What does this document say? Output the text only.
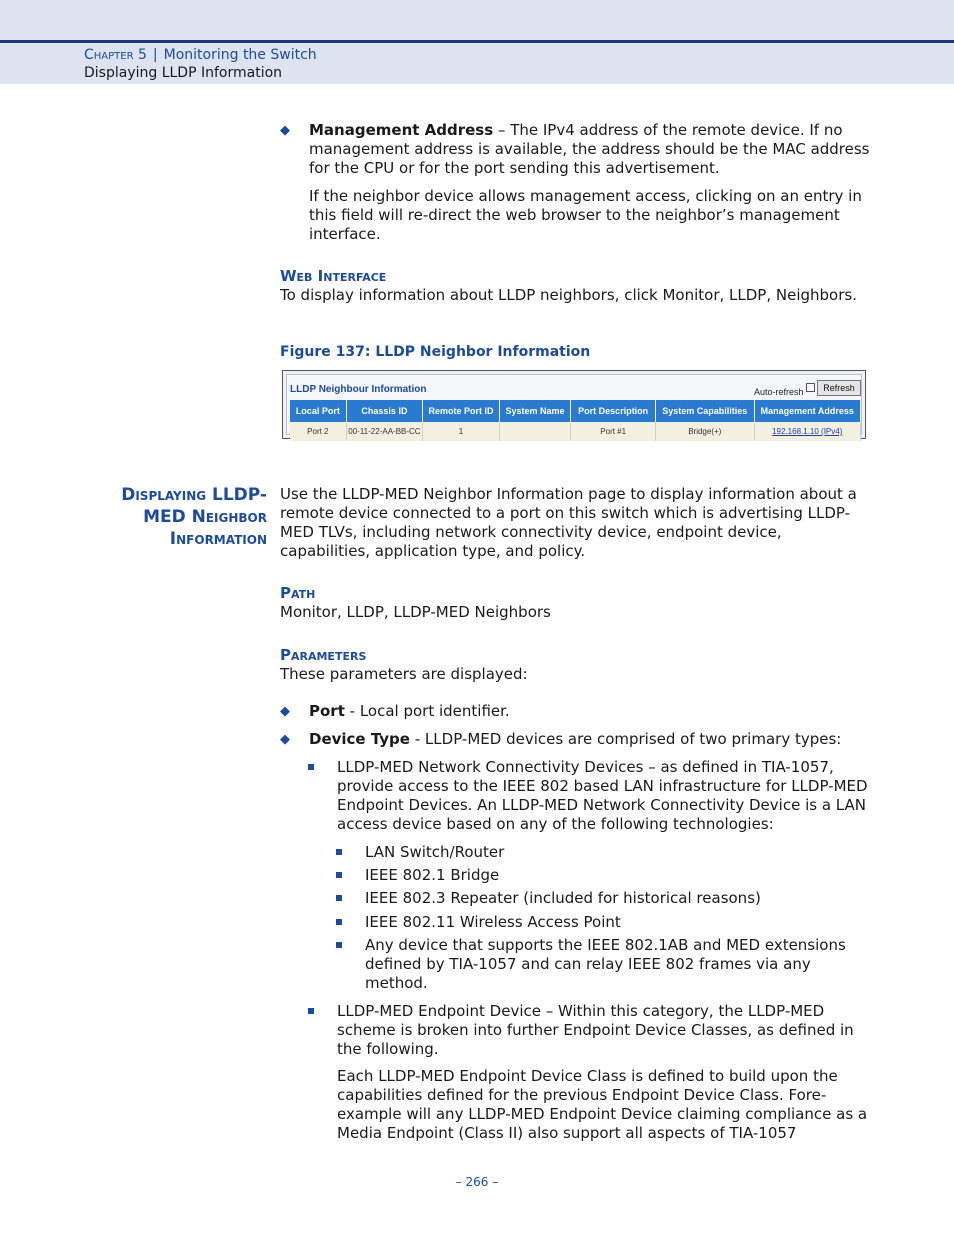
Chapter 5 | Monitoring the Switch
Displaying LLDP Information
◆ Management Address – The IPv4 address of the remote device. If no management address is available, the address should be the MAC address for the CPU or for the port sending this advertisement.
If the neighbor device allows management access, clicking on an entry in this field will re-direct the web browser to the neighbor’s management interface.
Web Interface
To display information about LLDP neighbors, click Monitor, LLDP, Neighbors.
Figure 137: LLDP Neighbor Information
LLDP Neighbour Information	Auto-refresh	Refresh
Local Port	Chassis ID	Remote Port ID	System Name	Port Description	System Capabilities	Management Address
Port 2	00-11-22-AA-BB-CC	1		Port #1	Bridge(+)	192.168.1.10 (IPv4)
Displaying LLDP-
MED Neighbor
Information
Use the LLDP-MED Neighbor Information page to display information about a remote device connected to a port on this switch which is advertising LLDP-MED TLVs, including network connectivity device, endpoint device, capabilities, application type, and policy.
Path
Monitor, LLDP, LLDP-MED Neighbors
Parameters
These parameters are displayed:
◆ Port - Local port identifier.
◆ Device Type - LLDP-MED devices are comprised of two primary types:
LLDP-MED Network Connectivity Devices – as defined in TIA-1057, provide access to the IEEE 802 based LAN infrastructure for LLDP-MED Endpoint Devices. An LLDP-MED Network Connectivity Device is a LAN access device based on any of the following technologies:
LAN Switch/Router
IEEE 802.1 Bridge
IEEE 802.3 Repeater (included for historical reasons)
IEEE 802.11 Wireless Access Point
Any device that supports the IEEE 802.1AB and MED extensions defined by TIA-1057 and can relay IEEE 802 frames via any method.
LLDP-MED Endpoint Device – Within this category, the LLDP-MED scheme is broken into further Endpoint Device Classes, as defined in the following.
Each LLDP-MED Endpoint Device Class is defined to build upon the capabilities defined for the previous Endpoint Device Class. Fore-example will any LLDP-MED Endpoint Device claiming compliance as a Media Endpoint (Class II) also support all aspects of TIA-1057
– 266 –
